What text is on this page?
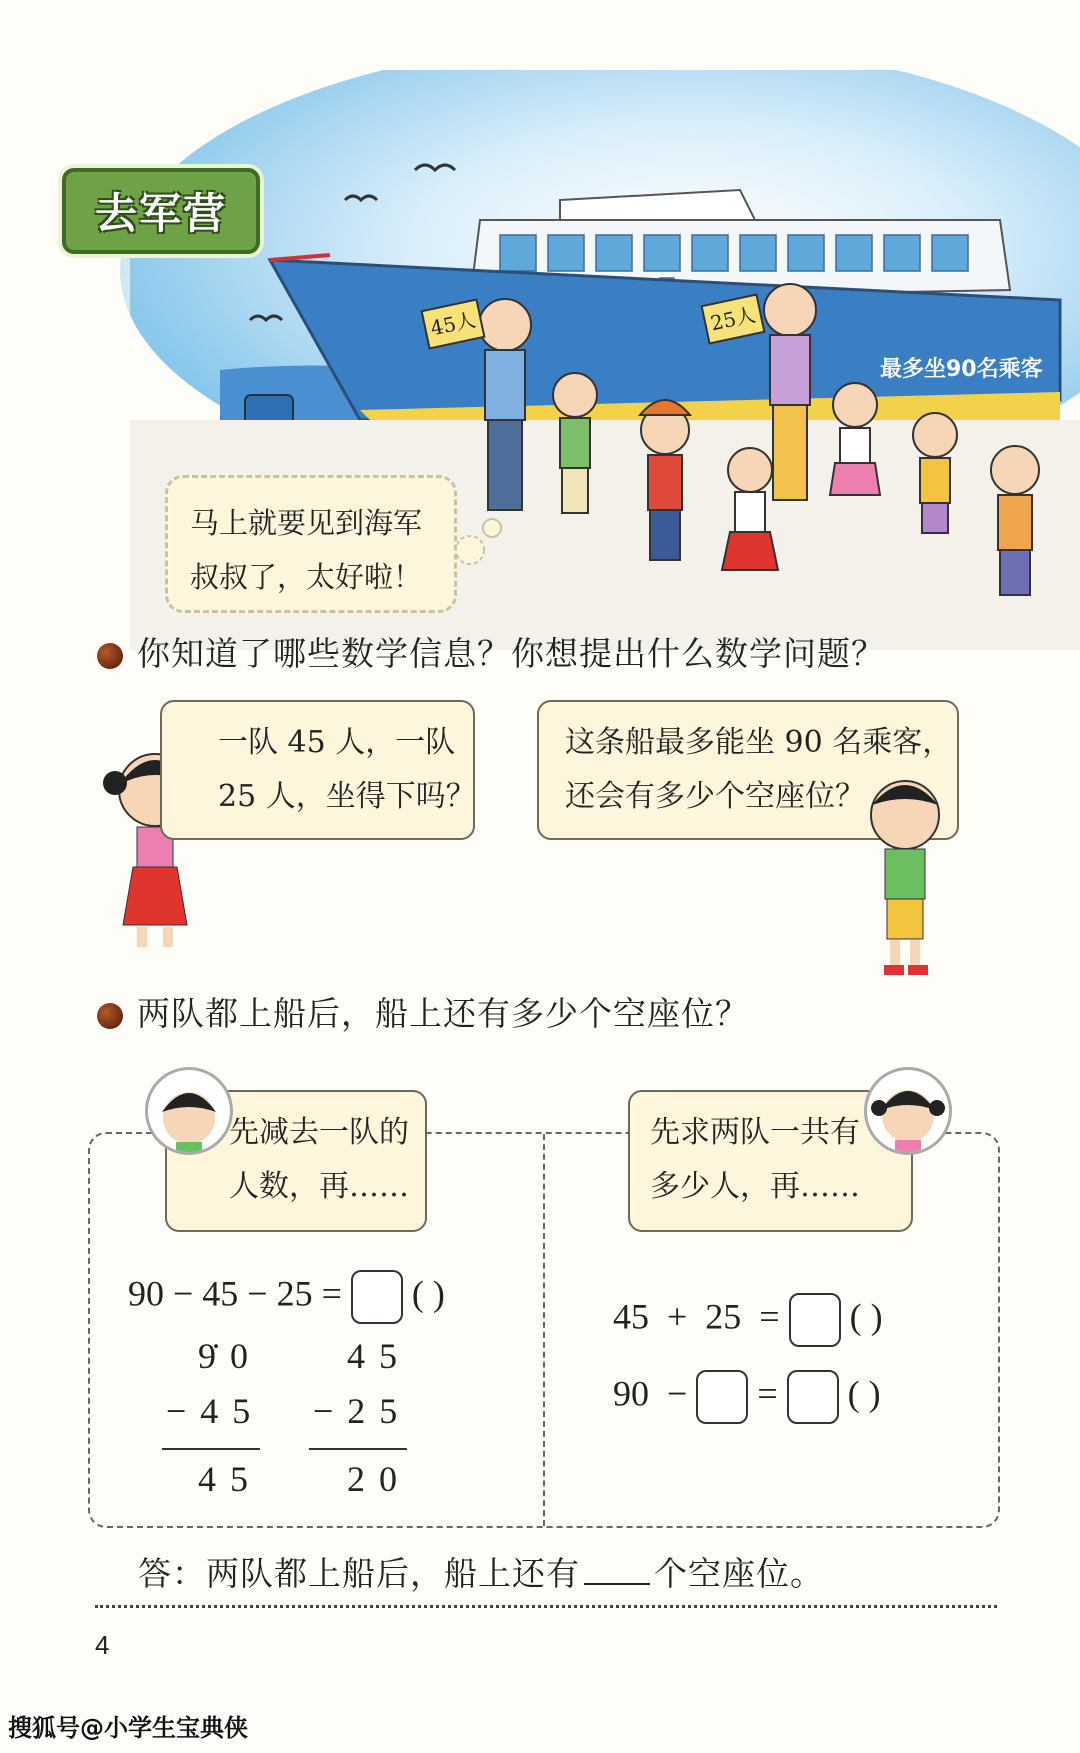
45人	25人
最多坐90名乘客
去军营
马上就要见到海军
叔叔了，太好啦！
你知道了哪些数学信息？你想提出什么数学问题？
一队 45 人，一队
25 人，坐得下吗？
这条船最多能坐 90 名乘客，
还会有多少个空座位？
两队都上船后，船上还有多少个空座位？
先减去一队的
人数，再……
90 − 45 − 25 = ( )
9̇0
−45
45
45
−25
20
先求两队一共有
多少人，再……
45  +  25  = ( )
90  − = ( )
答：两队都上船后，船上还有 个空座位。
4
搜狐号@小学生宝典侠
